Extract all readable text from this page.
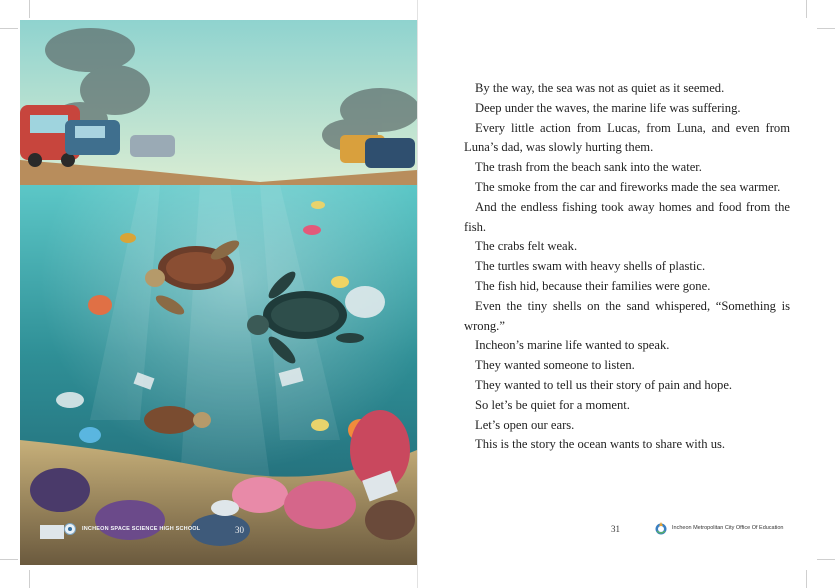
INCHEON SPACE SCIENCE HIGH SCHOOL	30

By the way, the sea was not as quiet as it seemed.

Deep under the waves, the marine life was suffering.

Every little action from Lucas, from Luna, and even from Luna’s dad, was slowly hurting them.

The trash from the beach sank into the water.

The smoke from the car and fireworks made the sea warmer.

And the endless fishing took away homes and food from the fish.

The crabs felt weak.

The turtles swam with heavy shells of plastic.

The fish hid, because their families were gone.

Even the tiny shells on the sand whispered, “Something is wrong.”

Incheon’s marine life wanted to speak.

They wanted someone to listen.

They wanted to tell us their story of pain and hope.

So let’s be quiet for a moment.

Let’s open our ears.

This is the story the ocean wants to share with us.

31	Incheon Metropolitan City Office Of Education
